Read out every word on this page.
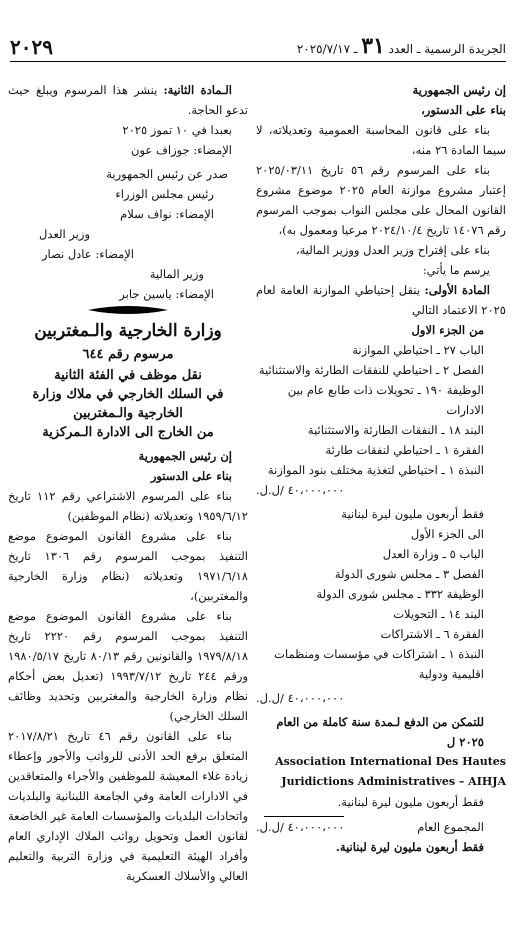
الجريدة الرسمية ـ العدد ٣١ ـ ٢٠٢٥/٧/١٧
٢٠٢٩

إن رئيس الجمهورية

بناء على الدستور،

بناء على قانون المحاسبة العمومية وتعديلاته، لا سيما المادة ٢٦ منه،

بناء على المرسوم رقم ٥٦ تاريخ ٢٠٢٥/٠٣/١١ إعتبار مشروع موازنة العام ٢٠٢٥ موضوع مشروع القانون المحال على مجلس النواب بموجب المرسوم رقم ١٤٠٧٦ تاريخ ٢٠٢٤/١٠/٤ مرعيا ومعمول به)،

بناء على إقتراح وزير العدل ووزير المالية،

يرسم ما يأتي:

المادة الأولى: ينقل إحتياطي الموازنة العامة لعام ٢٠٢٥ الاعتماد التالي

من الجزء الاول

الباب ٢٧ ـ احتياطي الموازنة

الفصل ٢ ـ احتياطي للنفقات الطارئة والاستثنائية

الوظيفة ١٩٠ ـ تحويلات ذات طابع عام بين الادارات

البند ١٨ ـ النفقات الطارئة والاستثنائية

الفقرة ١ ـ احتياطي لنفقات طارئة

النبذة ١ ـ احتياطي لتغذية مختلف بنود الموازنة

٤٠،٠٠٠،٠٠٠ /ل.ل.

فقط أربعون مليون ليرة لبنانية

الى الجزء الأول

الباب ٥ ـ وزارة العدل

الفصل ٣ ـ مجلس شورى الدولة

الوظيفة ٣٣٢ ـ مجلس شورى الدولة

البند ١٤ ـ التحويلات

الفقرة ٦ ـ الاشتراكات

النبذة ١ ـ اشتراكات في مؤسسات ومنظمات اقليمية ودولية

٤٠،٠٠٠،٠٠٠ /ل.ل.

للتمكن من الدفع لـمدة سنة كاملة من العام ٢٠٢٥ ل

Association International Des Hautes

Juridictions Administratives – AIHJA

فقط أربعون مليون ليرة لبنانية.

المجموع العام
٤٠،٠٠٠،٠٠٠ /ل.ل.

فقط أربعون مليون ليرة لبنانية.

الـمادة الثانية: ينشر هذا المرسوم ويبلغ حيث تدعو الحاجة.

بعبدا في ١٠ تموز ٢٠٢٥

الإمضاء: جوزاف عون

صدر عن رئيس الجمهورية

رئيس مجلس الوزراء

الإمضاء: نواف سلام

وزير العدل

الإمضاء: عادل نصار

وزير المالية

الإمضاء: ياسين جابر

وزارة الخارجية والـمغتربين
مرسوم رقم ٦٤٤
نقل موظف في الفئة الثانية
في السلك الخارجي في ملاك وزارة الخارجية والـمغتربين
من الخارج الى الادارة الـمركزية

إن رئيس الجمهورية

بناء على الدستور

بناء على المرسوم الاشتراعي رقم ١١٢ تاريخ ١٩٥٩/٦/١٢ وتعديلاته (نظام الموظفين)

بناء على مشروع القانون الموضوع موضع التنفيذ بموجب المرسوم رقم ١٣٠٦ تاريخ ١٩٧١/٦/١٨ وتعديلاته (نظام وزارة الخارجية والمغتربين)،

بناء على مشروع القانون الموضوع موضع التنفيذ بموجب المرسوم رقم ٢٢٢٠ تاريخ ١٩٧٩/٨/١٨ والقانونين رقم ٨٠/١٣ تاريخ ١٩٨٠/٥/١٧ ورقم ٢٤٤ تاريخ ١٩٩٣/٧/١٢ (تعديل بعض أحكام نظام وزارة الخارجية والمغتربين وتحديد وظائف السلك الخارجي)

بناء على القانون رقم ٤٦ تاريخ ٢٠١٧/٨/٢١ المتعلق برفع الحد الأدنى للرواتب والأجور وإعطاء زيادة غلاء المعيشة للموظفين والأجراء والمتعاقدين في الادارات العامة وفي الجامعة اللبنانية والبلديات واتحادات البلديات والمؤسسات العامة غير الخاضعة لقانون العمل وتحويل رواتب الملاك الإداري العام وأفراد الهيئة التعليمية في وزارة التربية والتعليم العالي والأسلاك العسكرية
